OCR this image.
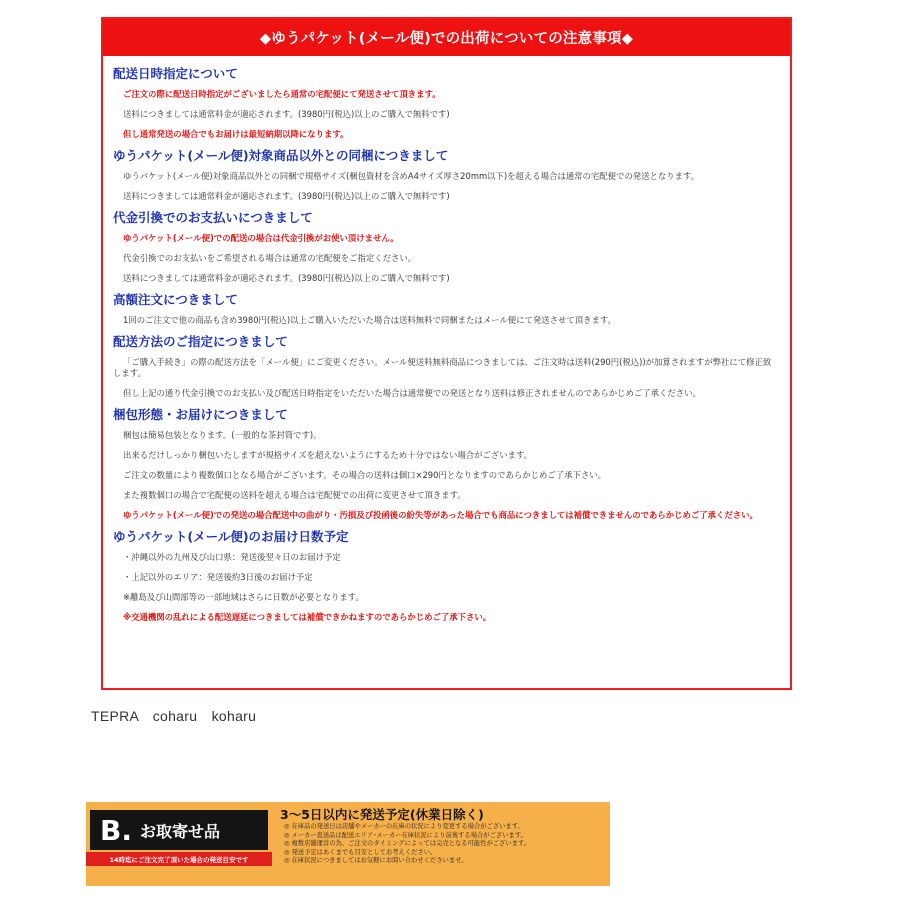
◆ゆうパケット(メール便)での出荷についての注意事項◆
配送日時指定について
ご注文の際に配送日時指定がございましたら通常の宅配便にて発送させて頂きます。
送料につきましては通常料金が適応されます。(3980円(税込)以上のご購入で無料です)
但し通常発送の場合でもお届けは最短納期以降になります。
ゆうパケット(メール便)対象商品以外との同梱につきまして
ゆうパケット(メール便)対象商品以外との同梱で規格サイズ(梱包資材を含めA4サイズ厚さ20mm以下)を超える場合は通常の宅配便での発送となります。
送料につきましては通常料金が適応されます。(3980円(税込)以上のご購入で無料です)
代金引換でのお支払いにつきまして
ゆうパケット(メール便)での配送の場合は代金引換がお使い頂けません。
代金引換でのお支払いをご希望される場合は通常の宅配便をご指定ください。
送料につきましては通常料金が適応されます。(3980円(税込)以上のご購入で無料です)
高額注文につきまして
1回のご注文で他の商品も含め3980円(税込)以上ご購入いただいた場合は送料無料で同梱またはメール便にて発送させて頂きます。
配送方法のご指定につきまして
「ご購入手続き」の際の配送方法を「メール便」にご変更ください。メール便送料無料商品につきましては、ご注文時は送料(290円(税込))が加算されますが弊社にて修正致します。
但し上記の通り代金引換でのお支払い及び配送日時指定をいただいた場合は通常便での発送となり送料は修正されませんのであらかじめご了承ください。
梱包形態・お届けにつきまして
梱包は簡易包装となります。(一般的な茶封筒です)。
出来るだけしっかり梱包いたしますが規格サイズを超えないようにするため十分ではない場合がございます。
ご注文の数量により複数個口となる場合がございます。その場合の送料は個口×290円となりますのであらかじめご了承下さい。
また複数個口の場合で宅配便の送料を超える場合は宅配便での出荷に変更させて頂きます。
ゆうパケット(メール便)での発送の場合配送中の曲がり・汚損及び投函後の紛失等があった場合でも商品につきましては補償できませんのであらかじめご了承ください。
ゆうパケット(メール便)のお届け日数予定
・沖縄以外の九州及び山口県：発送後翌々日のお届け予定
・上記以外のエリア：発送後約3日後のお届け予定
※離島及び山間部等の一部地域はさらに日数が必要となります。
※交通機関の乱れによる配送遅延につきましては補償できかねますのであらかじめご了承下さい。
TEPRA　coharu　koharu
B. お取寄せ品
14時迄にご注文完了頂いた場合の発送目安です
3〜5日以内に発送予定(休業日除く)
◎ 在庫品の発送日は店舗やメーカーの在庫の状況により変更する場合がございます。
◎ メーカー直送品は配送エリア･メーカー在庫状況により前後する場合がございます。
◎ 複数店舗運営の為、ご注文のタイミングによっては完売となる可能性がございます。
◎ 発送予定はあくまでも目安としてお考えください。
◎ 在庫状況につきましてはお気軽にお問い合わせくださいませ。
